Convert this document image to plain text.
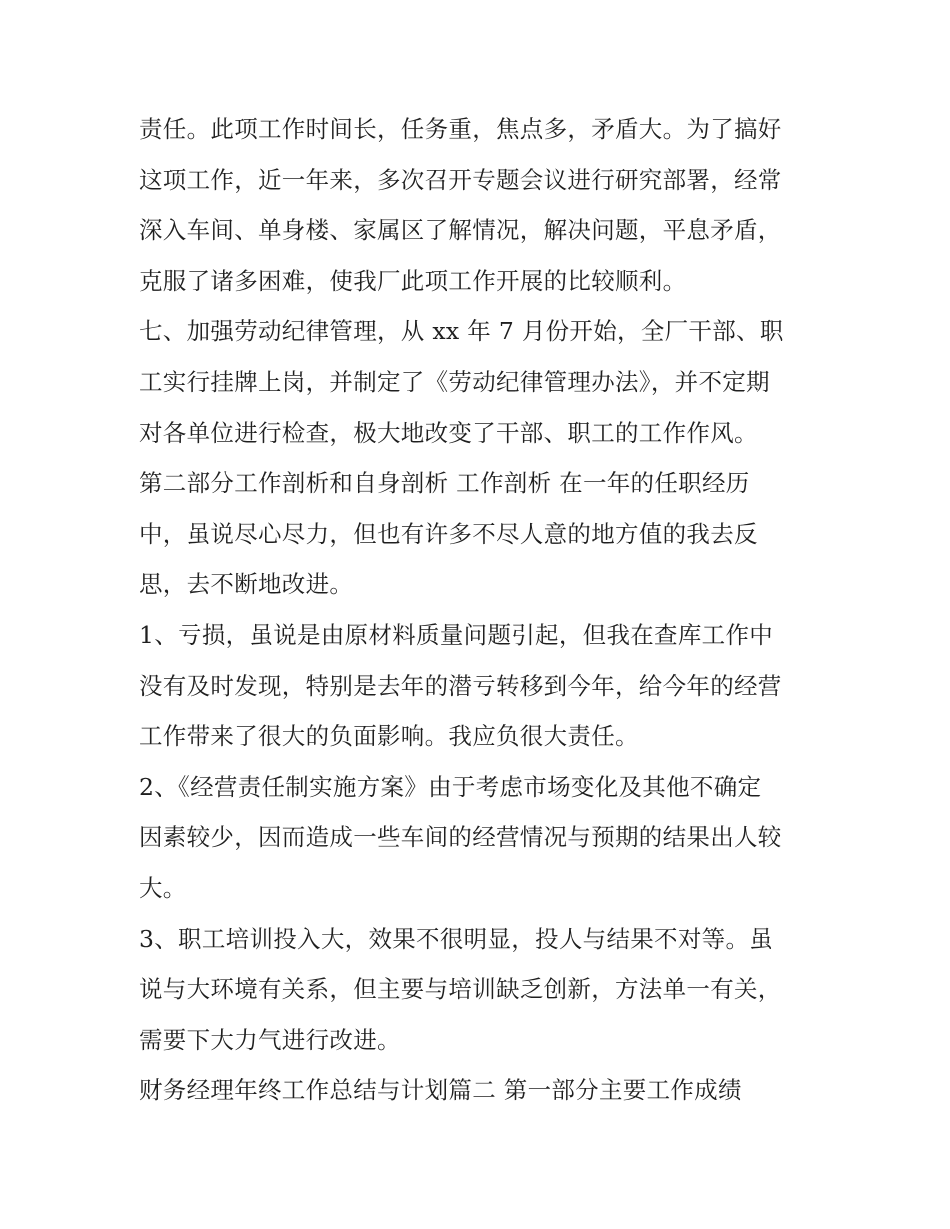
责任。此项工作时间长，任务重，焦点多，矛盾大。为了搞好
这项工作，近一年来，多次召开专题会议进行研究部署，经常
深入车间、单身楼、家属区了解情况，解决问题，平息矛盾，
克服了诸多困难，使我厂此项工作开展的比较顺利。
七、加强劳动纪律管理，从 xx 年 7 月份开始，全厂干部、职
工实行挂牌上岗，并制定了《劳动纪律管理办法》，并不定期
对各单位进行检查，极大地改变了干部、职工的工作作风。
第二部分工作剖析和自身剖析 工作剖析 在一年的任职经历
中，虽说尽心尽力，但也有许多不尽人意的地方值的我去反
思，去不断地改进。
1、亏损，虽说是由原材料质量问题引起，但我在查库工作中
没有及时发现，特别是去年的潜亏转移到今年，给今年的经营
工作带来了很大的负面影响。我应负很大责任。
2、《经营责任制实施方案》由于考虑市场变化及其他不确定
因素较少，因而造成一些车间的经营情况与预期的结果出人较
大。
3、职工培训投入大，效果不很明显，投人与结果不对等。虽
说与大环境有关系，但主要与培训缺乏创新，方法单一有关，
需要下大力气进行改进。
财务经理年终工作总结与计划篇二 第一部分主要工作成绩
